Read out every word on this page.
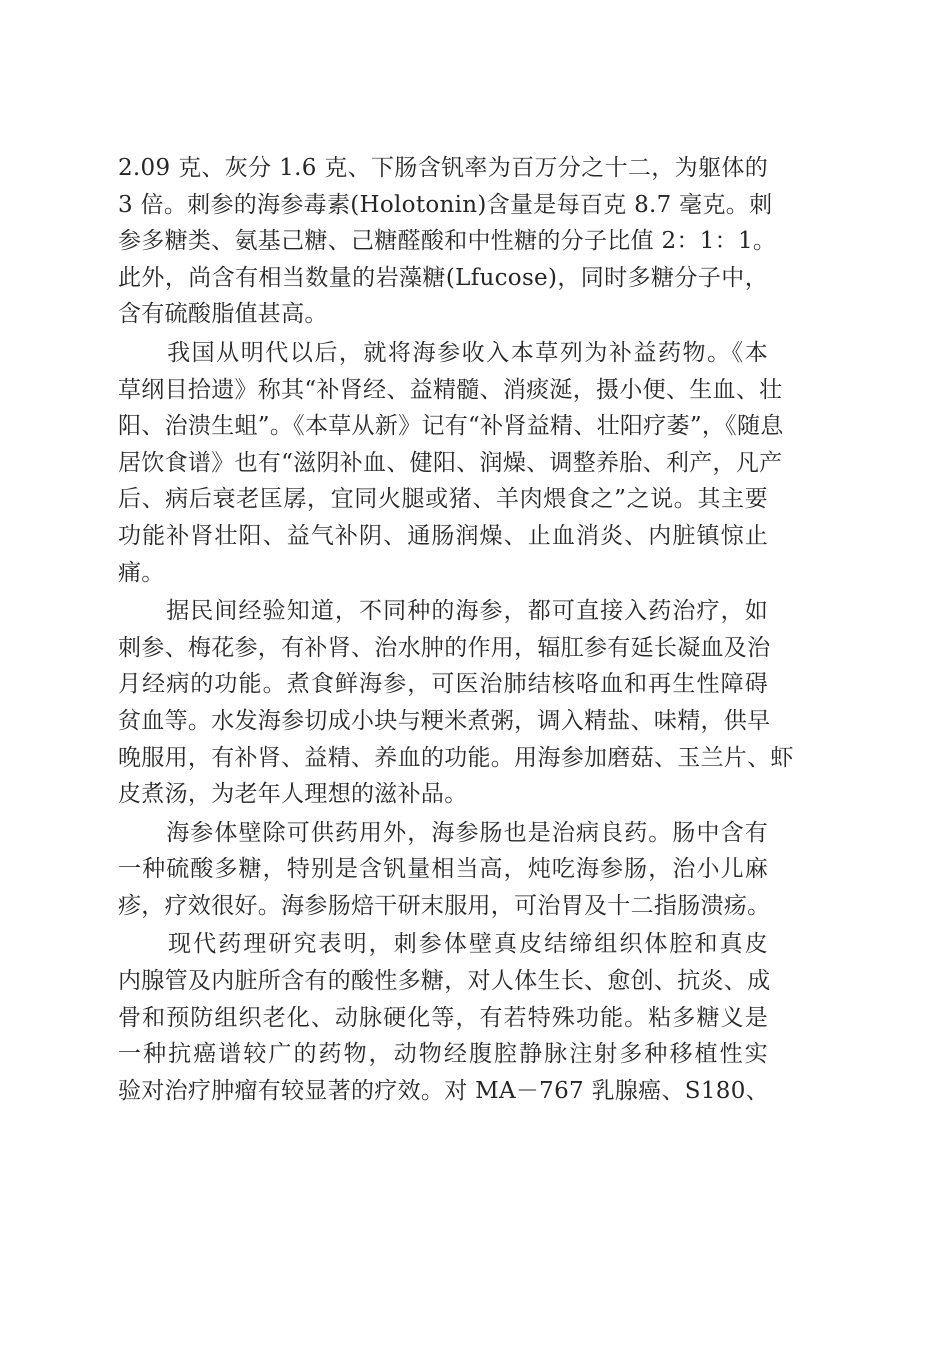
2.09 克、灰分 1.6 克、下肠含钒率为百万分之十二，为躯体的
3 倍。刺参的海参毒素(Holotonin)含量是每百克 8.7 毫克。刺
参多糖类、氨基己糖、己糖醛酸和中性糖的分子比值 2：1：1。
此外，尚含有相当数量的岩藻糖(Lfucose)，同时多糖分子中，
含有硫酸脂值甚高。
　　我国从明代以后，就将海参收入本草列为补益药物。《本
草纲目拾遗》称其“补肾经、益精髓、消痰涎，摄小便、生血、壮
阳、治溃生蛆”。《本草从新》记有“补肾益精、壮阳疗萎”，《随息
居饮食谱》也有“滋阴补血、健阳、润燥、调整养胎、利产，凡产
后、病后衰老匡孱，宜同火腿或猪、羊肉煨食之”之说。其主要
功能补肾壮阳、益气补阴、通肠润燥、止血消炎、内脏镇惊止
痛。
　　据民间经验知道，不同种的海参，都可直接入药治疗，如
刺参、梅花参，有补肾、治水肿的作用，辐肛参有延长凝血及治
月经病的功能。煮食鲜海参，可医治肺结核咯血和再生性障碍
贫血等。水发海参切成小块与粳米煮粥，调入精盐、味精，供早
晚服用，有补肾、益精、养血的功能。用海参加磨菇、玉兰片、虾
皮煮汤，为老年人理想的滋补品。
　　海参体壁除可供药用外，海参肠也是治病良药。肠中含有
一种硫酸多糖，特别是含钒量相当高，炖吃海参肠，治小儿麻
疹，疗效很好。海参肠焙干研末服用，可治胃及十二指肠溃疡。
　　现代药理研究表明，刺参体壁真皮结缔组织体腔和真皮
内腺管及内脏所含有的酸性多糖，对人体生长、愈创、抗炎、成
骨和预防组织老化、动脉硬化等，有若特殊功能。粘多糖义是
一种抗癌谱较广的药物，动物经腹腔静脉注射多种移植性实
验对治疗肿瘤有较显著的疗效。对 MA－767 乳腺癌、S180、
